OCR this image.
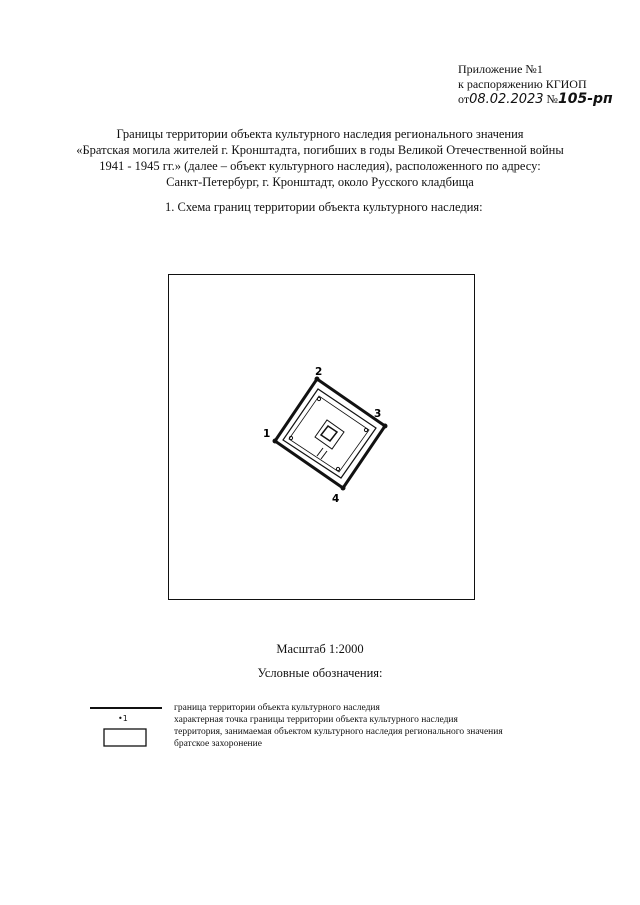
Приложение №1
к распоряжению КГИОП
от08.02.2023 №105-рп
Границы территории объекта культурного наследия регионального значения
«Братская могила жителей г. Кронштадта, погибших в годы Великой Отечественной войны
1941 - 1945 гг.» (далее – объект культурного наследия), расположенного по адресу:
Санкт-Петербург, г. Кронштадт, около Русского кладбища
1. Схема границ территории объекта культурного наследия:
1
2
3
4
Масштаб 1:2000
Условные обозначения:
граница территории объекта культурного наследия
•1	характерная точка границы территории объекта культурного наследия
территория, занимаемая объектом культурного наследия регионального значения
братское захоронение
